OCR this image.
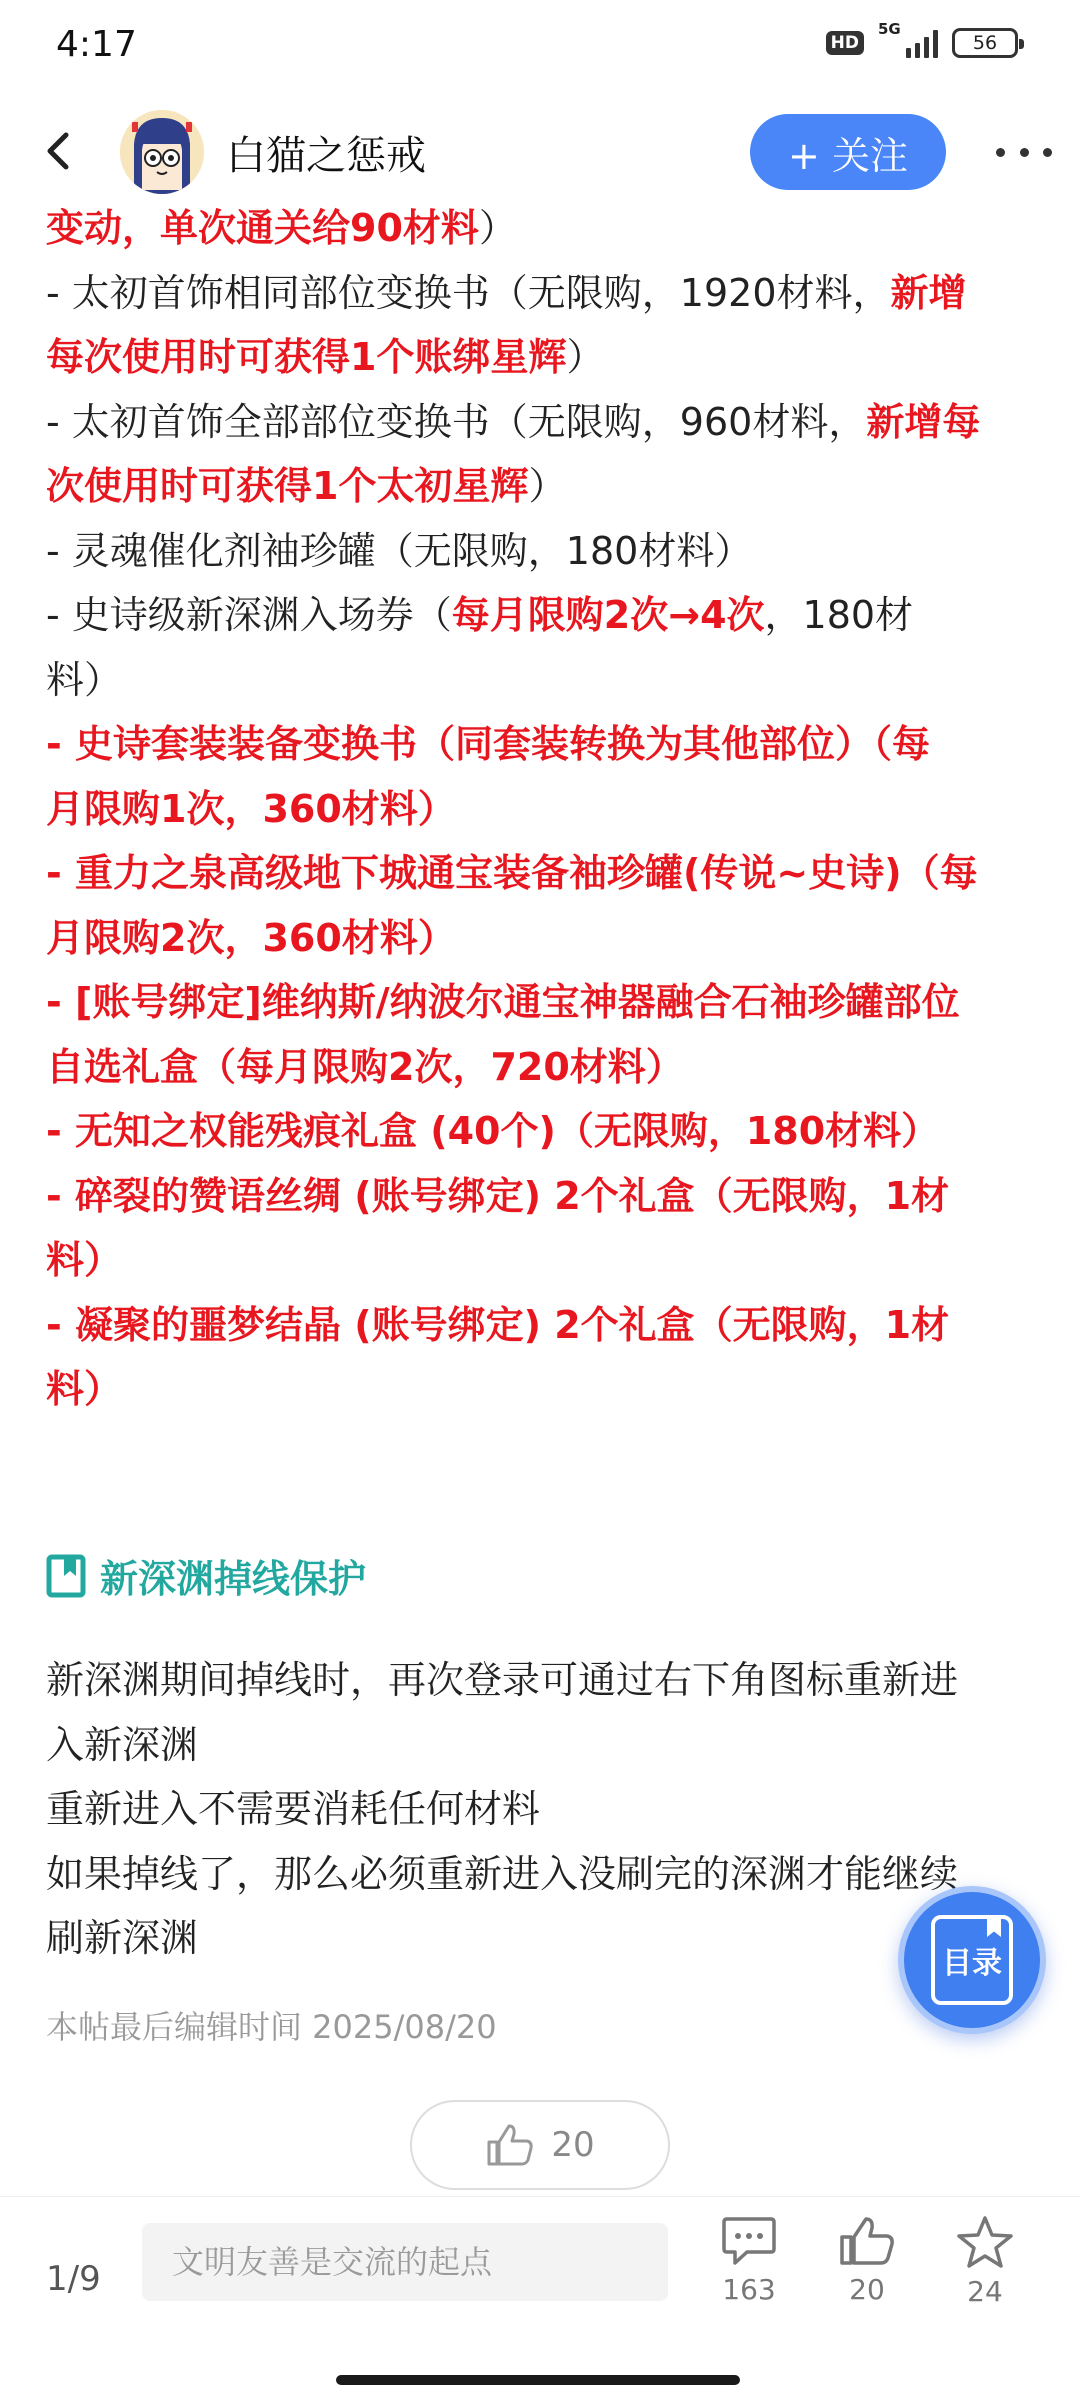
4:17	HD
5G
56
白猫之惩戒	+ 关注

变动，单次通关给90材料）

- 太初首饰相同部位变换书（无限购，1920材料，新增

每次使用时可获得1个账绑星辉）

- 太初首饰全部部位变换书（无限购，960材料，新增每

次使用时可获得1个太初星辉）

- 灵魂催化剂袖珍罐（无限购，180材料）

- 史诗级新深渊入场券（每月限购2次→4次，180材

料）

- 史诗套装装备变换书（同套装转换为其他部位）（每

月限购1次，360材料）

- 重力之泉高级地下城通宝装备袖珍罐(传说~史诗)（每

月限购2次，360材料）

- [账号绑定]维纳斯/纳波尔通宝神器融合石袖珍罐部位

自选礼盒（每月限购2次，720材料）

- 无知之权能残痕礼盒 (40个)（无限购，180材料）

- 碎裂的赞语丝绸 (账号绑定) 2个礼盒（无限购，1材

料）

- 凝聚的噩梦结晶 (账号绑定) 2个礼盒（无限购，1材

料）

新深渊掉线保护

新深渊期间掉线时，再次登录可通过右下角图标重新进

入新深渊

重新进入不需要消耗任何材料

如果掉线了，那么必须重新进入没刷完的深渊才能继续

刷新深渊

本帖最后编辑时间 2025/08/20
20
目录
1/9
文明友善是交流的起点	163	20	24
